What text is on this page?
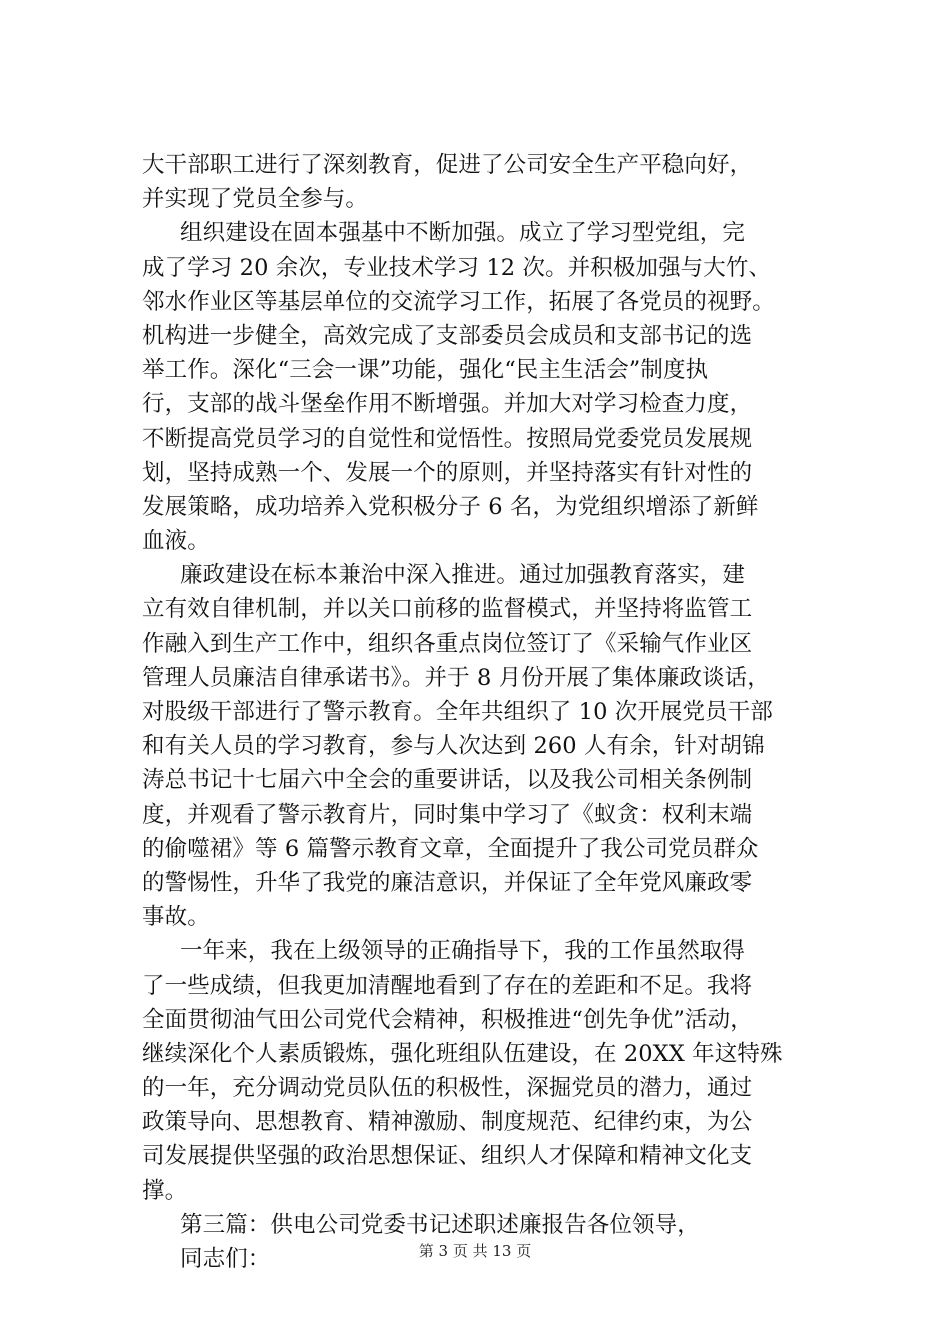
大干部职工进行了深刻教育，促进了公司安全生产平稳向好，
并实现了党员全参与。
组织建设在固本强基中不断加强。成立了学习型党组，完
成了学习 20 余次，专业技术学习 12 次。并积极加强与大竹、
邻水作业区等基层单位的交流学习工作，拓展了各党员的视野。
机构进一步健全，高效完成了支部委员会成员和支部书记的选
举工作。深化“三会一课”功能，强化“民主生活会”制度执
行，支部的战斗堡垒作用不断增强。并加大对学习检查力度，
不断提高党员学习的自觉性和觉悟性。按照局党委党员发展规
划，坚持成熟一个、发展一个的原则，并坚持落实有针对性的
发展策略，成功培养入党积极分子 6 名，为党组织增添了新鲜
血液。
廉政建设在标本兼治中深入推进。通过加强教育落实，建
立有效自律机制，并以关口前移的监督模式，并坚持将监管工
作融入到生产工作中，组织各重点岗位签订了《采输气作业区
管理人员廉洁自律承诺书》。并于 8 月份开展了集体廉政谈话，
对股级干部进行了警示教育。全年共组织了 10 次开展党员干部
和有关人员的学习教育，参与人次达到 260 人有余，针对胡锦
涛总书记十七届六中全会的重要讲话，以及我公司相关条例制
度，并观看了警示教育片，同时集中学习了《蚁贪：权利末端
的偷噬裙》等 6 篇警示教育文章，全面提升了我公司党员群众
的警惕性，升华了我党的廉洁意识，并保证了全年党风廉政零
事故。
一年来，我在上级领导的正确指导下，我的工作虽然取得
了一些成绩，但我更加清醒地看到了存在的差距和不足。我将
全面贯彻油气田公司党代会精神，积极推进“创先争优”活动，
继续深化个人素质锻炼，强化班组队伍建设，在 20XX 年这特殊
的一年，充分调动党员队伍的积极性，深掘党员的潜力，通过
政策导向、思想教育、精神激励、制度规范、纪律约束，为公
司发展提供坚强的政治思想保证、组织人才保障和精神文化支
撑。
第三篇：供电公司党委书记述职述廉报告各位领导，
同志们：	第 3 页 共 13 页
